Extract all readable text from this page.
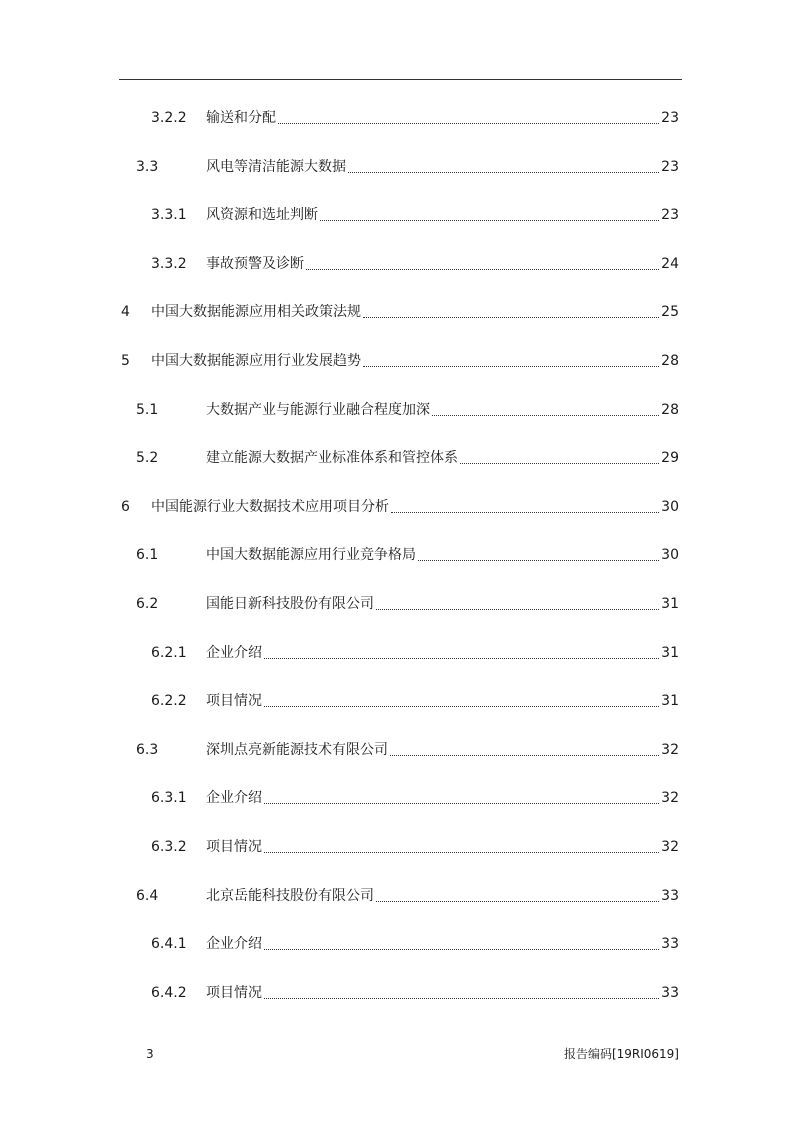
3.2.2 输送和分配	23
3.3	风电等清洁能源大数据	23
3.3.1 风资源和选址判断	23
3.3.2 事故预警及诊断	24
4 中国大数据能源应用相关政策法规	25
5 中国大数据能源应用行业发展趋势	28
5.1	大数据产业与能源行业融合程度加深	28
5.2	建立能源大数据产业标准体系和管控体系	29
6 中国能源行业大数据技术应用项目分析	30
6.1	中国大数据能源应用行业竞争格局	30
6.2	国能日新科技股份有限公司	31
6.2.1 企业介绍	31
6.2.2 项目情况	31
6.3	深圳点亮新能源技术有限公司	32
6.3.1 企业介绍	32
6.3.2 项目情况	32
6.4	北京岳能科技股份有限公司	33
6.4.1 企业介绍	33
6.4.2 项目情况	33
3	报告编码[19RI0619]
